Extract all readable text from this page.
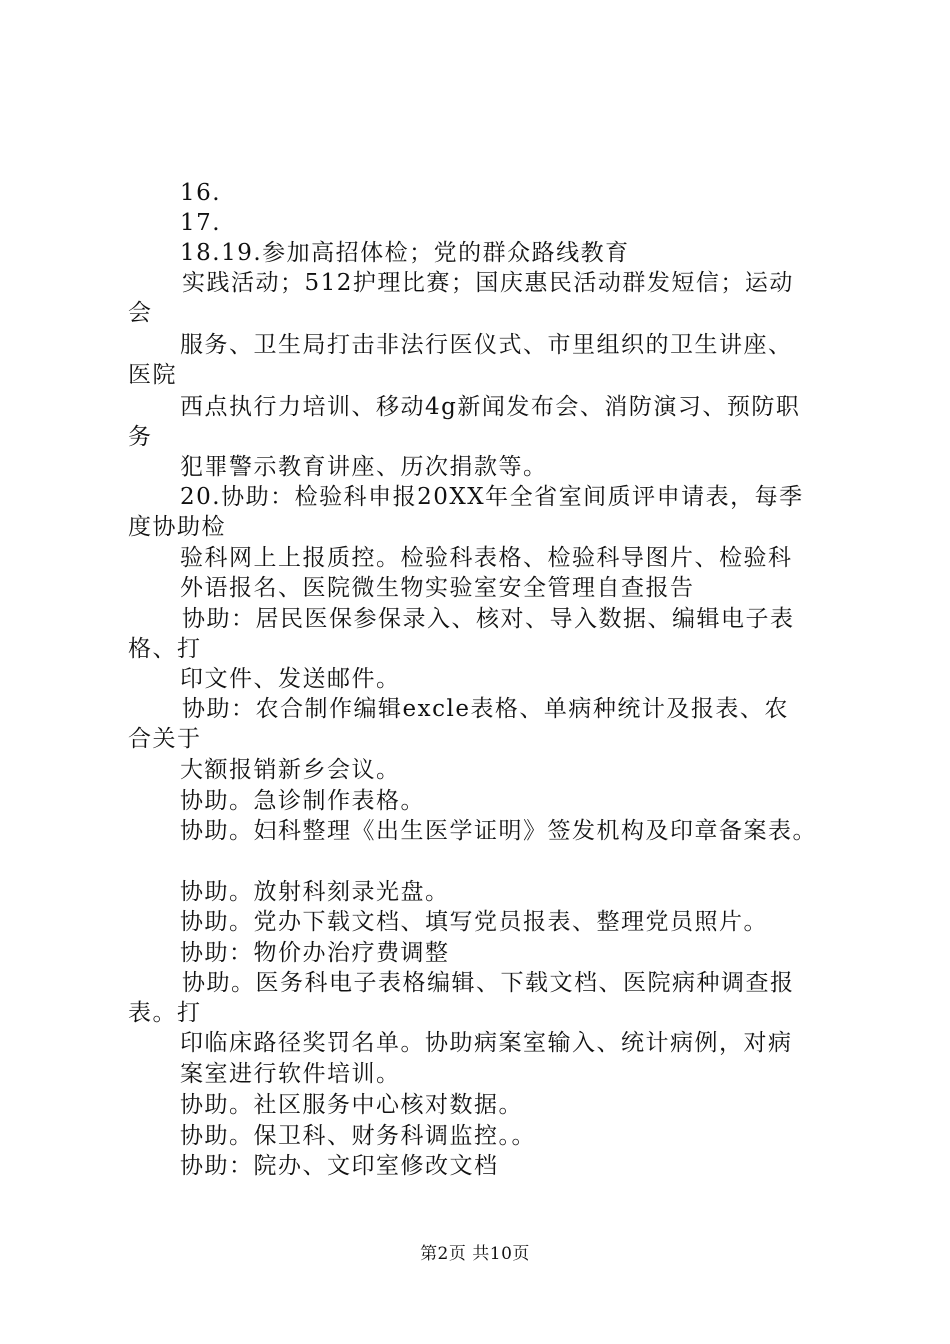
16.
17.
18.19.参加高招体检；党的群众路线教育
实践活动；512护理比赛；国庆惠民活动群发短信；运动
会
服务、卫生局打击非法行医仪式、市里组织的卫生讲座、
医院
西点执行力培训、移动4g新闻发布会、消防演习、预防职
务
犯罪警示教育讲座、历次捐款等。
20.协助：检验科申报20XX年全省室间质评申请表，每季
度协助检
验科网上上报质控。检验科表格、检验科导图片、检验科
外语报名、医院微生物实验室安全管理自查报告
协助：居民医保参保录入、核对、导入数据、编辑电子表
格、打
印文件、发送邮件。
协助：农合制作编辑excle表格、单病种统计及报表、农
合关于
大额报销新乡会议。
协助。急诊制作表格。
协助。妇科整理《出生医学证明》签发机构及印章备案表。
协助。放射科刻录光盘。
协助。党办下载文档、填写党员报表、整理党员照片。
协助：物价办治疗费调整
协助。医务科电子表格编辑、下载文档、医院病种调查报
表。打
印临床路径奖罚名单。协助病案室输入、统计病例，对病
案室进行软件培训。
协助。社区服务中心核对数据。
协助。保卫科、财务科调监控。。
协助：院办、文印室修改文档
第2页 共10页
